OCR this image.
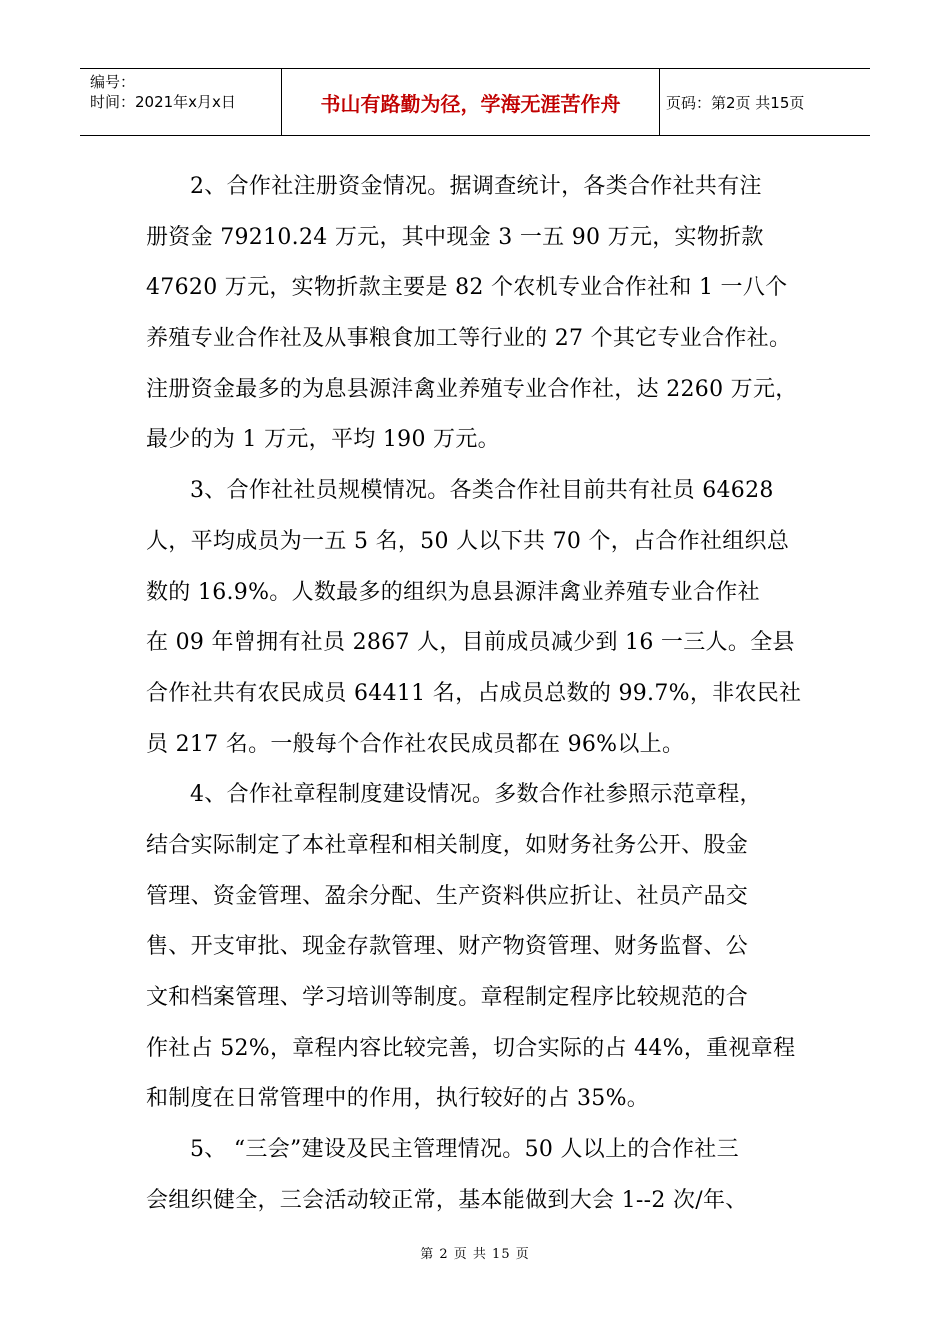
编号：
时间：2021年x月x日	书山有路勤为径，学海无涯苦作舟	页码：第2页 共15页
2、合作社注册资金情况。据调查统计，各类合作社共有注
册资金 79210.24 万元，其中现金 3 一五 90 万元，实物折款
47620 万元，实物折款主要是 82 个农机专业合作社和 1 一八个
养殖专业合作社及从事粮食加工等行业的 27 个其它专业合作社。
注册资金最多的为息县源沣禽业养殖专业合作社，达 2260 万元，
最少的为 1 万元，平均 190 万元。
3、合作社社员规模情况。各类合作社目前共有社员 64628
人，平均成员为一五 5 名，50 人以下共 70 个，占合作社组织总
数的 16.9%。人数最多的组织为息县源沣禽业养殖专业合作社
在 09 年曾拥有社员 2867 人，目前成员减少到 16 一三人。全县
合作社共有农民成员 64411 名，占成员总数的 99.7%，非农民社
员 217 名。一般每个合作社农民成员都在 96%以上。
4、合作社章程制度建设情况。多数合作社参照示范章程，
结合实际制定了本社章程和相关制度，如财务社务公开、股金
管理、资金管理、盈余分配、生产资料供应折让、社员产品交
售、开支审批、现金存款管理、财产物资管理、财务监督、公
文和档案管理、学习培训等制度。章程制定程序比较规范的合
作社占 52%，章程内容比较完善，切合实际的占 44%，重视章程
和制度在日常管理中的作用，执行较好的占 35%。
5、 “三会”建设及民主管理情况。50 人以上的合作社三
会组织健全，三会活动较正常，基本能做到大会 1--2 次/年、
第 2 页 共 15 页
